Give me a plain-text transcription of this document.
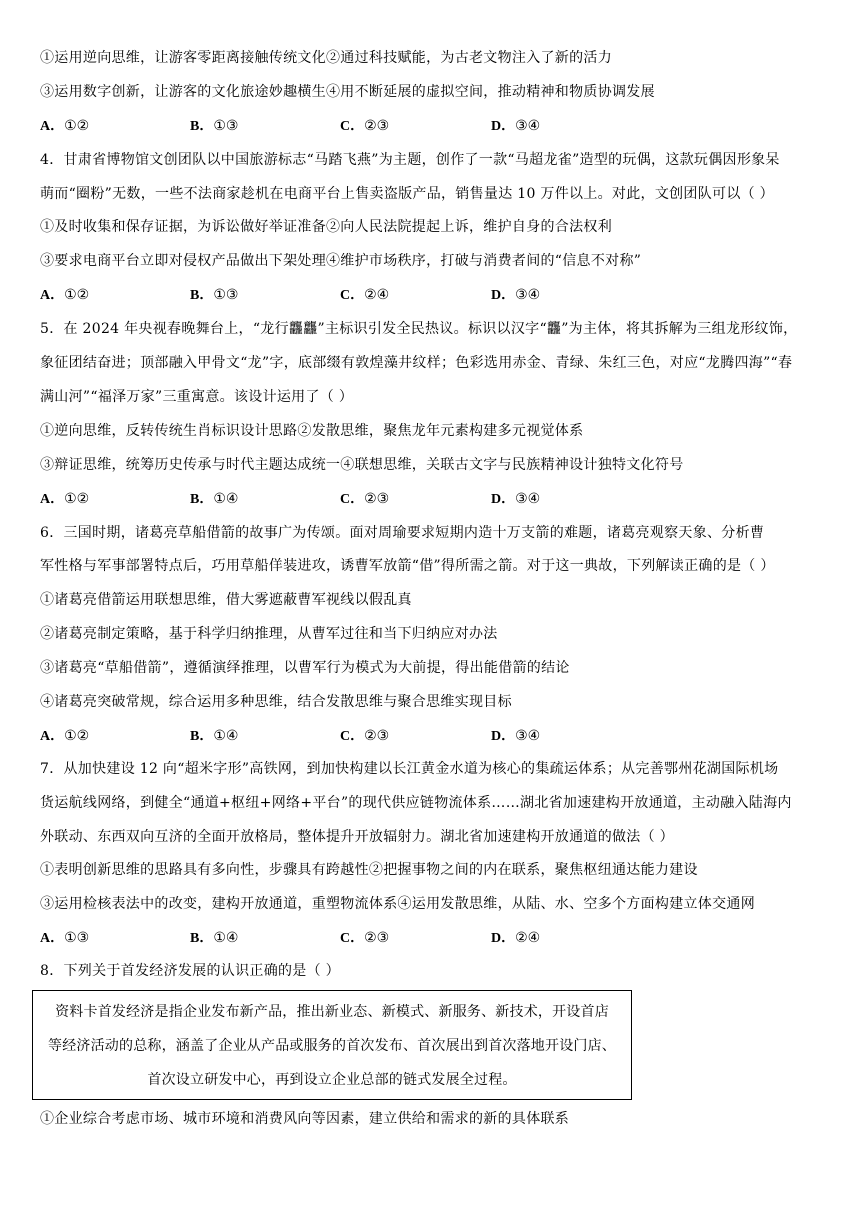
①运用逆向思维，让游客零距离接触传统文化②通过科技赋能，为古老文物注入了新的活力
③运用数字创新，让游客的文化旅途妙趣横生④用不断延展的虚拟空间，推动精神和物质协调发展
A．①②	B．①③	C．②③	D．③④
4．甘肃省博物馆文创团队以中国旅游标志“马踏飞燕”为主题，创作了一款“马超龙雀”造型的玩偶，这款玩偶因形象呆
萌而“圈粉”无数，一些不法商家趁机在电商平台上售卖盗版产品，销售量达 10 万件以上。对此，文创团队可以（ ）
①及时收集和保存证据，为诉讼做好举证准备②向人民法院提起上诉，维护自身的合法权利
③要求电商平台立即对侵权产品做出下架处理④维护市场秩序，打破与消费者间的“信息不对称”
A．①②	B．①③	C．②④	D．③④
5．在 2024 年央视春晚舞台上，“龙行龘龘”主标识引发全民热议。标识以汉字“龘”为主体，将其拆解为三组龙形纹饰，
象征团结奋进；顶部融入甲骨文“龙”字，底部缀有敦煌藻井纹样；色彩选用赤金、青绿、朱红三色，对应“龙腾四海”“春
满山河”“福泽万家”三重寓意。该设计运用了（ ）
①逆向思维，反转传统生肖标识设计思路②发散思维，聚焦龙年元素构建多元视觉体系
③辩证思维，统筹历史传承与时代主题达成统一④联想思维，关联古文字与民族精神设计独特文化符号
A．①②	B．①④	C．②③	D．③④
6．三国时期，诸葛亮草船借箭的故事广为传颂。面对周瑜要求短期内造十万支箭的难题，诸葛亮观察天象、分析曹
军性格与军事部署特点后，巧用草船佯装进攻，诱曹军放箭“借”得所需之箭。对于这一典故，下列解读正确的是（ ）
①诸葛亮借箭运用联想思维，借大雾遮蔽曹军视线以假乱真
②诸葛亮制定策略，基于科学归纳推理，从曹军过往和当下归纳应对办法
③诸葛亮“草船借箭”，遵循演绎推理，以曹军行为模式为大前提，得出能借箭的结论
④诸葛亮突破常规，综合运用多种思维，结合发散思维与聚合思维实现目标
A．①②	B．①④	C．②③	D．③④
7．从加快建设 12 向“超米字形”高铁网，到加快构建以长江黄金水道为核心的集疏运体系；从完善鄂州花湖国际机场
货运航线网络，到健全“通道+枢纽+网络+平台”的现代供应链物流体系……湖北省加速建构开放通道，主动融入陆海内
外联动、东西双向互济的全面开放格局，整体提升开放辐射力。湖北省加速建构开放通道的做法（ ）
①表明创新思维的思路具有多向性，步骤具有跨越性②把握事物之间的内在联系，聚焦枢纽通达能力建设
③运用检核表法中的改变，建构开放通道，重塑物流体系④运用发散思维，从陆、水、空多个方面构建立体交通网
A．①③	B．①④	C．②③	D．②④
8．下列关于首发经济发展的认识正确的是（ ）
资料卡首发经济是指企业发布新产品，推出新业态、新模式、新服务、新技术，开设首店
等经济活动的总称，涵盖了企业从产品或服务的首次发布、首次展出到首次落地开设门店、
首次设立研发中心，再到设立企业总部的链式发展全过程。
①企业综合考虑市场、城市环境和消费风向等因素，建立供给和需求的新的具体联系
